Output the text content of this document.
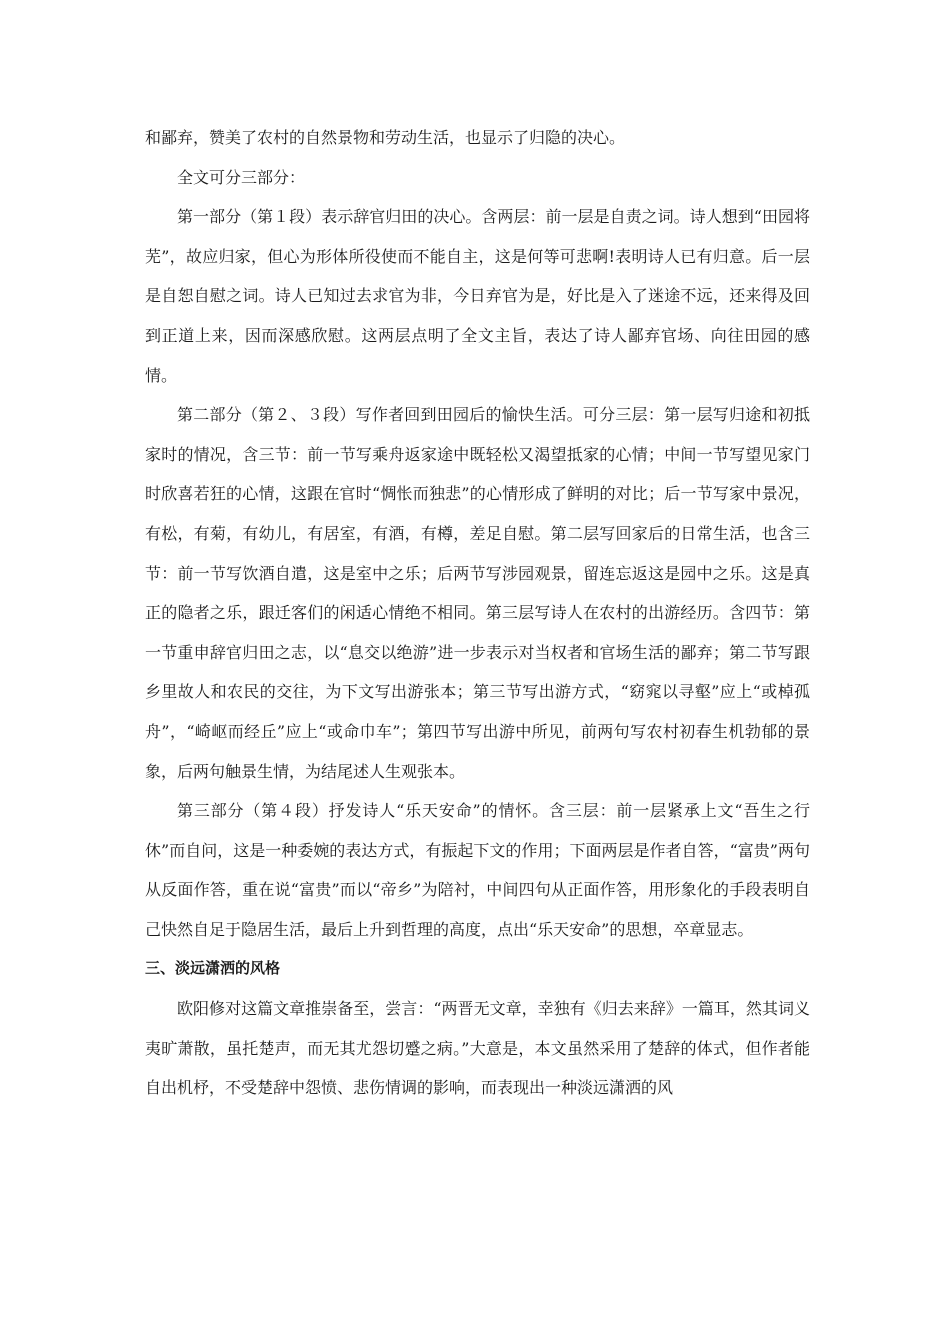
和鄙弃，赞美了农村的自然景物和劳动生活，也显示了归隐的决心。

全文可分三部分：

第一部分（第１段）表示辞官归田的决心。含两层：前一层是自责之词。诗人想到“田园将芜”，故应归家，但心为形体所役使而不能自主，这是何等可悲啊!表明诗人已有归意。后一层是自恕自慰之词。诗人已知过去求官为非，今日弃官为是，好比是入了迷途不远，还来得及回到正道上来，因而深感欣慰。这两层点明了全文主旨，表达了诗人鄙弃官场、向往田园的感情。

第二部分（第２、３段）写作者回到田园后的愉快生活。可分三层：第一层写归途和初抵家时的情况，含三节：前一节写乘舟返家途中既轻松又渴望抵家的心情；中间一节写望见家门时欣喜若狂的心情，这跟在官时“惆怅而独悲”的心情形成了鲜明的对比；后一节写家中景况，有松，有菊，有幼儿，有居室，有酒，有樽，差足自慰。第二层写回家后的日常生活，也含三节：前一节写饮酒自遣，这是室中之乐；后两节写涉园观景，留连忘返这是园中之乐。这是真正的隐者之乐，跟迁客们的闲适心情绝不相同。第三层写诗人在农村的出游经历。含四节：第一节重申辞官归田之志，以“息交以绝游”进一步表示对当权者和官场生活的鄙弃；第二节写跟乡里故人和农民的交往，为下文写出游张本；第三节写出游方式，“窈窕以寻壑”应上“或棹孤舟”，“崎岖而经丘”应上“或命巾车”；第四节写出游中所见，前两句写农村初春生机勃郁的景象，后两句触景生情，为结尾述人生观张本。

第三部分（第４段）抒发诗人“乐天安命”的情怀。含三层：前一层紧承上文“吾生之行休”而自问，这是一种委婉的表达方式，有振起下文的作用；下面两层是作者自答，“富贵”两句从反面作答，重在说“富贵”而以“帝乡”为陪衬，中间四句从正面作答，用形象化的手段表明自己快然自足于隐居生活，最后上升到哲理的高度，点出“乐天安命”的思想，卒章显志。

三、淡远潇洒的风格

欧阳修对这篇文章推崇备至，尝言：“两晋无文章，幸独有《归去来辞》一篇耳，然其词义夷旷萧散，虽托楚声，而无其尤怨切蹙之病。”大意是，本文虽然采用了楚辞的体式，但作者能自出机杼，不受楚辞中怨愤、悲伤情调的影响，而表现出一种淡远潇洒的风
